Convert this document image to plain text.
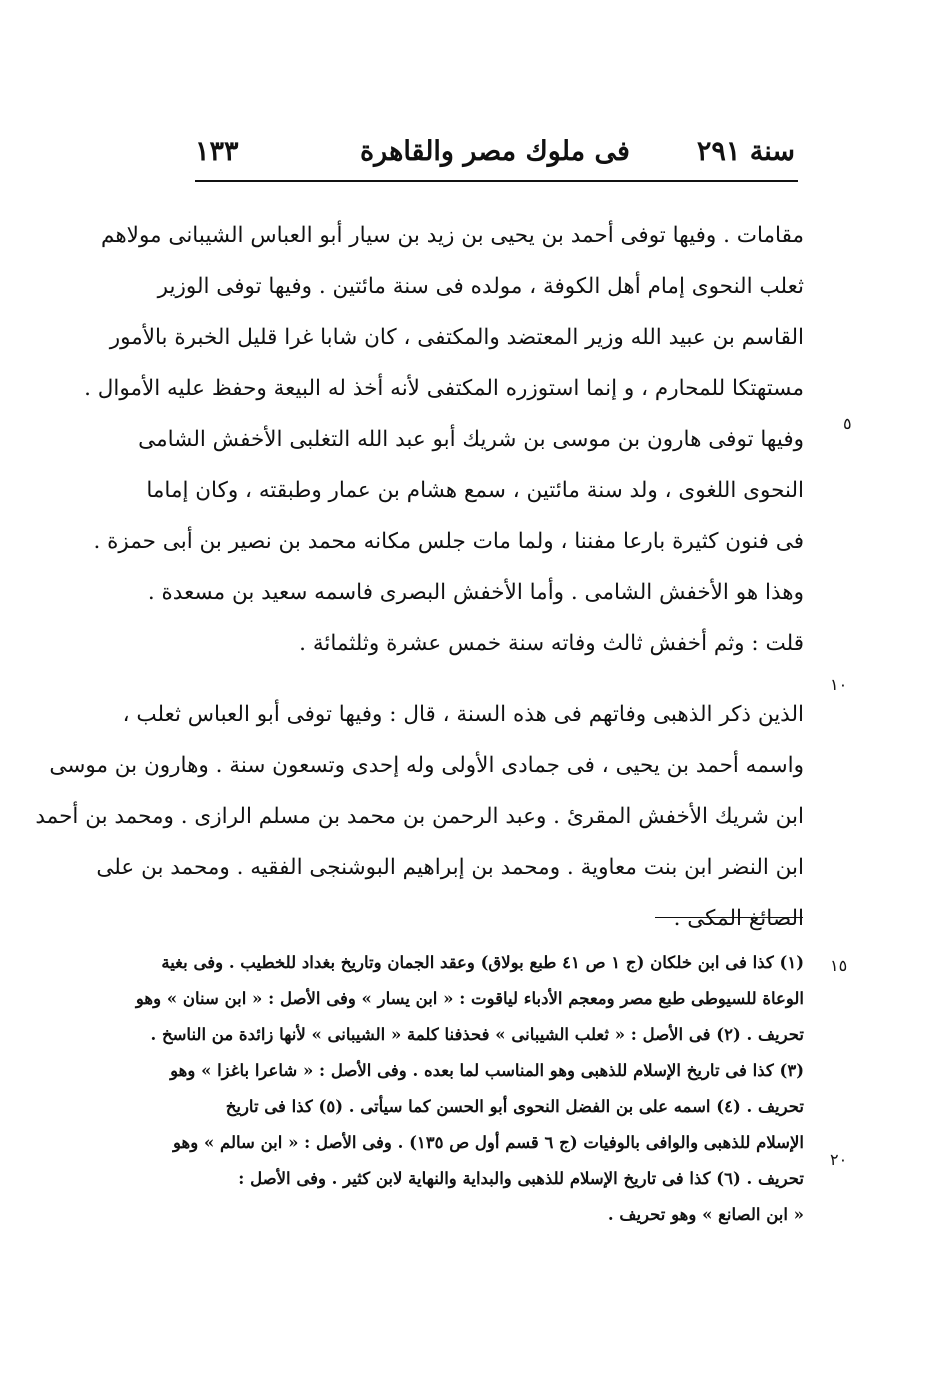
سنة ٢٩١
فى ملوك مصر والقاهرة
١٣٣
مقامات . وفيها توفى أحمد بن يحيى بن زيد بن سيار أبو العباس الشيبانى مولاهم
ثعلب النحوى إمام أهل الكوفة ، مولده فى سنة مائتين . وفيها توفى الوزير
القاسم بن عبيد الله وزير المعتضد والمكتفى ، كان شابا غرا قليل الخبرة بالأمور
مستهتكا للمحارم ، و إنما استوزره المكتفى لأنه أخذ له البيعة وحفظ عليه الأموال .
وفيها توفى هارون بن موسى بن شريك أبو عبد الله التغلبى الأخفش الشامى
النحوى اللغوى ، ولد سنة مائتين ، سمع هشام بن عمار وطبقته ، وكان إماما
فى فنون كثيرة بارعا مفننا ، ولما مات جلس مكانه محمد بن نصير بن أبى حمزة .
وهذا هو الأخفش الشامى . وأما الأخفش البصرى فاسمه سعيد بن مسعدة .
قلت : وثم أخفش ثالث وفاته سنة خمس عشرة وثلثمائة .
الذين ذكر الذهبى وفاتهم فى هذه السنة ، قال : وفيها توفى أبو العباس ثعلب ،
واسمه أحمد بن يحيى ، فى جمادى الأولى وله إحدى وتسعون سنة . وهارون بن موسى
ابن شريك الأخفش المقرئ . وعبد الرحمن بن محمد بن مسلم الرازى . ومحمد بن أحمد
ابن النضر ابن بنت معاوية . ومحمد بن إبراهيم البوشنجى الفقيه . ومحمد بن على
الصائغ المكى .
٥
١٠
١٥
٢٠
(١) كذا فى ابن خلكان (ج ١ ص ٤١ طبع بولاق) وعقد الجمان وتاريخ بغداد للخطيب . وفى بغية
الوعاة للسيوطى طبع مصر ومعجم الأدباء لياقوت : « ابن يسار » وفى الأصل : « ابن سنان » وهو
تحريف . (٢) فى الأصل : « ثعلب الشيبانى » فحذفنا كلمة « الشيبانى » لأنها زائدة من الناسخ .
(٣) كذا فى تاريخ الإسلام للذهبى وهو المناسب لما بعده . وفى الأصل : « شاعرا باغزا » وهو
تحريف . (٤) اسمه على بن الفضل النحوى أبو الحسن كما سيأتى . (٥) كذا فى تاريخ
الإسلام للذهبى والوافى بالوفيات (ج ٦ قسم أول ص ١٣٥) . وفى الأصل : « ابن سالم » وهو
تحريف . (٦) كذا فى تاريخ الإسلام للذهبى والبداية والنهاية لابن كثير . وفى الأصل :
« ابن الصانع » وهو تحريف .
